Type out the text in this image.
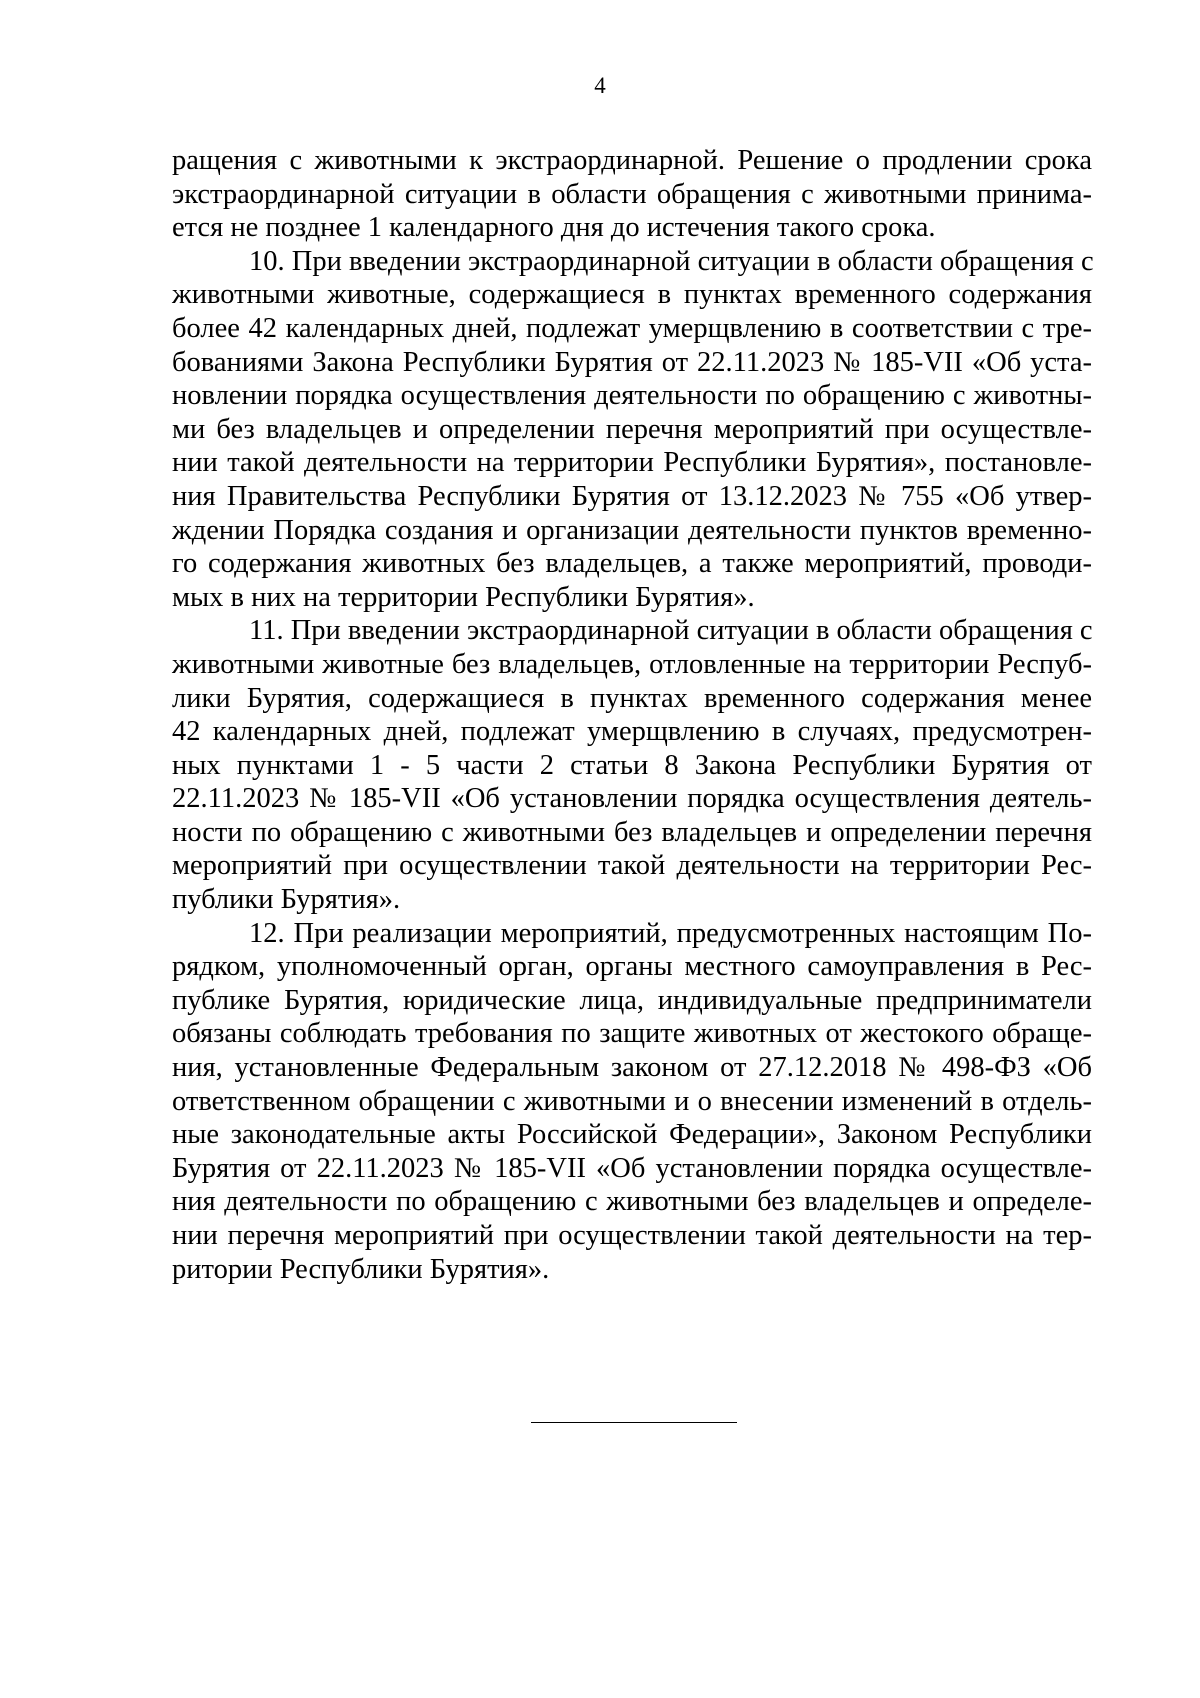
4
ращения с животными к экстраординарной. Решение о продлении срока
экстраординарной ситуации в области обращения с животными принима-
ется не позднее 1 календарного дня до истечения такого срока.
10. При введении экстраординарной ситуации в области обращения с
животными животные, содержащиеся в пунктах временного содержания
более 42 календарных дней, подлежат умерщвлению в соответствии с тре-
бованиями Закона Республики Бурятия от 22.11.2023 № 185-VII «Об уста-
новлении порядка осуществления деятельности по обращению с животны-
ми без владельцев и определении перечня мероприятий при осуществле-
нии такой деятельности на территории Республики Бурятия», постановле-
ния Правительства Республики Бурятия от 13.12.2023 № 755 «Об утвер-
ждении Порядка создания и организации деятельности пунктов временно-
го содержания животных без владельцев, а также мероприятий, проводи-
мых в них на территории Республики Бурятия».
11. При введении экстраординарной ситуации в области обращения с
животными животные без владельцев, отловленные на территории Респуб-
лики Бурятия, содержащиеся в пунктах временного содержания менее
42 календарных дней, подлежат умерщвлению в случаях, предусмотрен-
ных пунктами 1 - 5 части 2 статьи 8 Закона Республики Бурятия от
22.11.2023 № 185-VII «Об установлении порядка осуществления деятель-
ности по обращению с животными без владельцев и определении перечня
мероприятий при осуществлении такой деятельности на территории Рес-
публики Бурятия».
12. При реализации мероприятий, предусмотренных настоящим По-
рядком, уполномоченный орган, органы местного самоуправления в Рес-
публике Бурятия, юридические лица, индивидуальные предприниматели
обязаны соблюдать требования по защите животных от жестокого обраще-
ния, установленные Федеральным законом от 27.12.2018 № 498-ФЗ «Об
ответственном обращении с животными и о внесении изменений в отдель-
ные законодательные акты Российской Федерации», Законом Республики
Бурятия от 22.11.2023 № 185-VII «Об установлении порядка осуществле-
ния деятельности по обращению с животными без владельцев и определе-
нии перечня мероприятий при осуществлении такой деятельности на тер-
ритории Республики Бурятия».
